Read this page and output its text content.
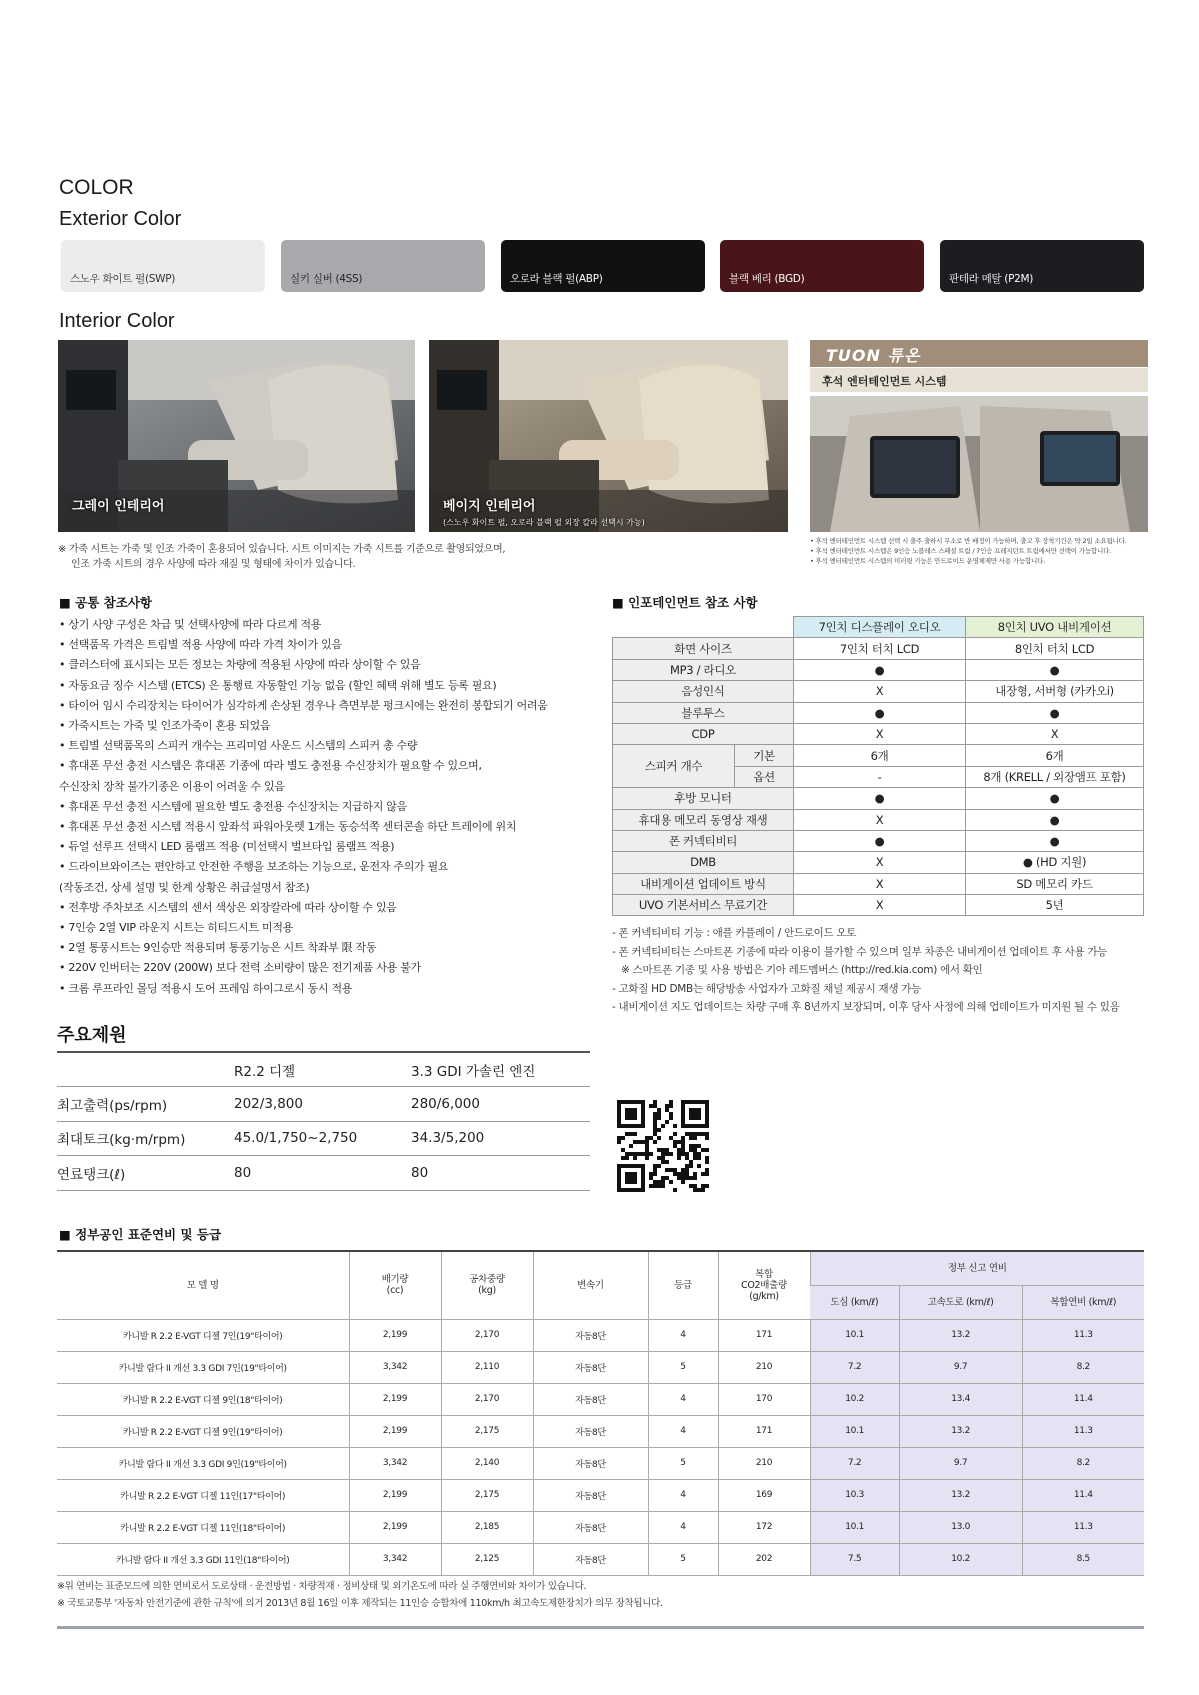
COLOR
Exterior Color
스노우 화이트 펄(SWP)	실키 실버 (4SS)	오로라 블랙 펄(ABP)	블랙 베리 (BGD)	판테라 메탈 (P2M)
Interior Color
그레이 인테리어	베이지 인테리어
(스노우 화이트 펄, 오로라 블랙 펄 외장 칼라 선택시 가능)
TUON 튜온
후석 엔터테인먼트 시스템
※ 가죽 시트는 가죽 및 인조 가죽이 혼용되어 있습니다. 시트 이미지는 가죽 시트를 기준으로 촬영되었으며,
인조 가죽 시트의 경우 사양에 따라 재질 및 형태에 차이가 있습니다.
• 후석 엔터테인먼트 시스템 선택 시 출주 출하시 무소로 반 배정이 가능하며, 출고 후 장착기간은 약 2일 소요됩니다.
• 후석 엔터테인먼트 시스템은 9인승 노블레스 스페셜 트림 / 7인승 프레지던트 트림에서만 선택이 가능합니다.
• 후석 엔터테인먼트 시스템의 미러링 기능은 안드로이드 운영체제만 사용 가능합니다.
■ 공통 참조사항
• 상기 사양 구성은 차급 및 선택사양에 따라 다르게 적용
• 선택품목 가격은 트림별 적용 사양에 따라 가격 차이가 있음
• 클러스터에 표시되는 모든 정보는 차량에 적용된 사양에 따라 상이할 수 있음
• 자동요금 징수 시스템 (ETCS) 은 통행료 자동할인 기능 없음 (할인 혜택 위해 별도 등록 필요)
• 타이어 임시 수리장치는 타이어가 심각하게 손상된 경우나 측면부분 펑크시에는 완전히 봉합되기 어려움
• 가죽시트는 가죽 및 인조가죽이 혼용 되었음
• 트림별 선택품목의 스피커 개수는 프리미엄 사운드 시스템의 스피커 총 수량
• 휴대폰 무선 충전 시스템은 휴대폰 기종에 따라 별도 충전용 수신장치가 필요할 수 있으며,
수신장치 장착 불가기종은 이용이 어려울 수 있음
• 휴대폰 무선 충전 시스템에 필요한 별도 충전용 수신장치는 지급하지 않음
• 휴대폰 무선 충전 시스템 적용시 앞좌석 파워아웃렛 1개는 동승석쪽 센터콘솔 하단 트레이에 위치
• 듀얼 선루프 선택시 LED 룸램프 적용 (미선택시 벌브타입 룸램프 적용)
• 드라이브와이즈는 편안하고 안전한 주행을 보조하는 기능으로, 운전자 주의가 필요
(작동조건, 상세 설명 및 한계 상황은 취급설명서 참조)
• 전후방 주차보조 시스템의 센서 색상은 외장칼라에 따라 상이할 수 있음
• 7인승 2열 VIP 라운지 시트는 히티드시트 미적용
• 2열 통풍시트는 9인승만 적용되며 통풍기능은 시트 착좌부 限 작동
• 220V 인버터는 220V (200W) 보다 전력 소비량이 많은 전기제품 사용 불가
• 크롬 루프라인 몰딩 적용시 도어 프레임 하이그로시 동시 적용
■ 인포테인먼트 참조 사항
		7인치 디스플레이 오디오	8인치 UVO 내비게이션
화면 사이즈		7인치 터치 LCD	8인치 터치 LCD
MP3 / 라디오		●	●
음성인식		X	내장형, 서버형 (카카오i)
블루투스		●	●
CDP		X	X
스피커 개수	기본	6개	6개
	옵션	-	8개 (KRELL / 외장앰프 포함)
후방 모니터		●	●
휴대용 메모리 동영상 재생		X	●
폰 커넥티비티		●	●
DMB		X	● (HD 지원)
내비게이션 업데이트 방식		X	SD 메모리 카드
UVO 기본서비스 무료기간		X	5년
- 폰 커넥티비티 기능 : 애플 카플레이 / 안드로이드 오토
- 폰 커넥티비티는 스마트폰 기종에 따라 이용이 불가할 수 있으며 일부 차종은 내비게이션 업데이트 후 사용 가능
※ 스마트폰 기종 및 사용 방법은 기아 레드멤버스 (http://red.kia.com) 에서 확인
- 고화질 HD DMB는 해당방송 사업자가 고화질 채널 제공시 재생 가능
- 내비게이션 지도 업데이트는 차량 구매 후 8년까지 보장되며, 이후 당사 사정에 의해 업데이트가 미지원 될 수 있음
주요제원
	R2.2 디젤	3.3 GDI 가솔린 엔진
최고출력(ps/rpm)	202/3,800	280/6,000
최대토크(kg·m/rpm)	45.0/1,750~2,750	34.3/5,200
연료탱크(ℓ)	80	80
■ 정부공인 표준연비 및 등급
모 델 명	배기량
(cc)	공차중량
(kg)	변속기	등급	복합
CO2배출량
(g/km)	정부 신고 연비		
						도심 (km/ℓ)	고속도로 (km/ℓ)	복합연비 (km/ℓ)
카니발 R 2.2 E-VGT 디젤 7인(19"타이어)	2,199	2,170	자동8단	4	171	10.1	13.2	11.3
카니발 람다 II 개선 3.3 GDI 7인(19"타이어)	3,342	2,110	자동8단	5	210	7.2	9.7	8.2
카니발 R 2.2 E-VGT 디젤 9인(18"타이어)	2,199	2,170	자동8단	4	170	10.2	13.4	11.4
카니발 R 2.2 E-VGT 디젤 9인(19"타이어)	2,199	2,175	자동8단	4	171	10.1	13.2	11.3
카니발 람다 II 개선 3.3 GDI 9인(19"타이어)	3,342	2,140	자동8단	5	210	7.2	9.7	8.2
카니발 R 2.2 E-VGT 디젤 11인(17"타이어)	2,199	2,175	자동8단	4	169	10.3	13.2	11.4
카니발 R 2.2 E-VGT 디젤 11인(18"타이어)	2,199	2,185	자동8단	4	172	10.1	13.0	11.3
카니발 람다 II 개선 3.3 GDI 11인(18"타이어)	3,342	2,125	자동8단	5	202	7.5	10.2	8.5
※위 연비는 표준모드에 의한 연비로서 도로상태 · 운전방법 · 차량적재 · 정비상태 및 외기온도에 따라 실 주행연비와 차이가 있습니다.
※ 국토교통부 '자동차 안전기준에 관한 규칙'에 의거 2013년 8월 16일 이후 제작되는 11인승 승합차에 110km/h 최고속도제한장치가 의무 장착됩니다.
